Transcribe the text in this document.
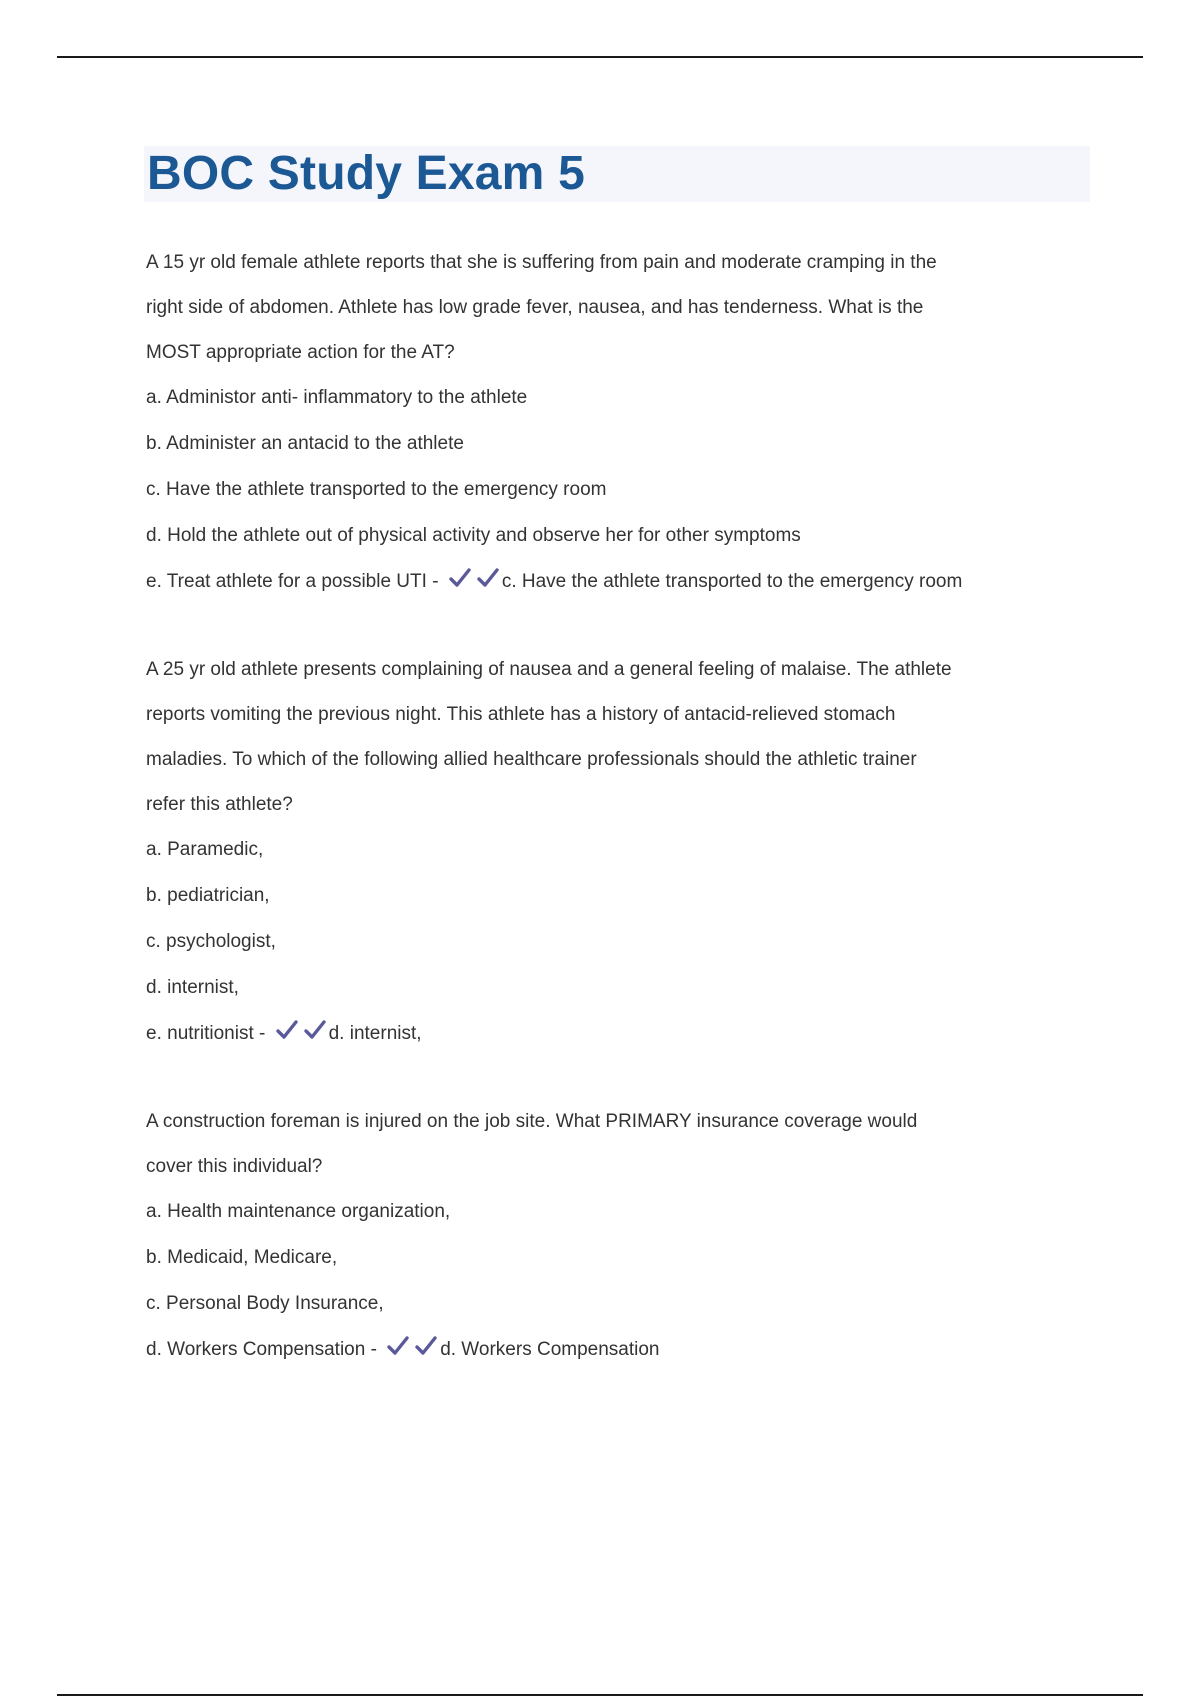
BOC Study Exam 5

A 15 yr old female athlete reports that she is suffering from pain and moderate cramping in the

right side of abdomen. Athlete has low grade fever, nausea, and has tenderness. What is the

MOST appropriate action for the AT?

a. Administor anti- inflammatory to the athlete

b. Administer an antacid to the athlete

c. Have the athlete transported to the emergency room

d. Hold the athlete out of physical activity and observe her for other symptoms

e. Treat athlete for a possible UTI -	c. Have the athlete transported to the emergency room

A 25 yr old athlete presents complaining of nausea and a general feeling of malaise. The athlete

reports vomiting the previous night. This athlete has a history of antacid-relieved stomach

maladies. To which of the following allied healthcare professionals should the athletic trainer

refer this athlete?

a. Paramedic,

b. pediatrician,

c. psychologist,

d. internist,

e. nutritionist -	d. internist,

A construction foreman is injured on the job site. What PRIMARY insurance coverage would

cover this individual?

a. Health maintenance organization,

b. Medicaid, Medicare,

c. Personal Body Insurance,

d. Workers Compensation -	d. Workers Compensation
